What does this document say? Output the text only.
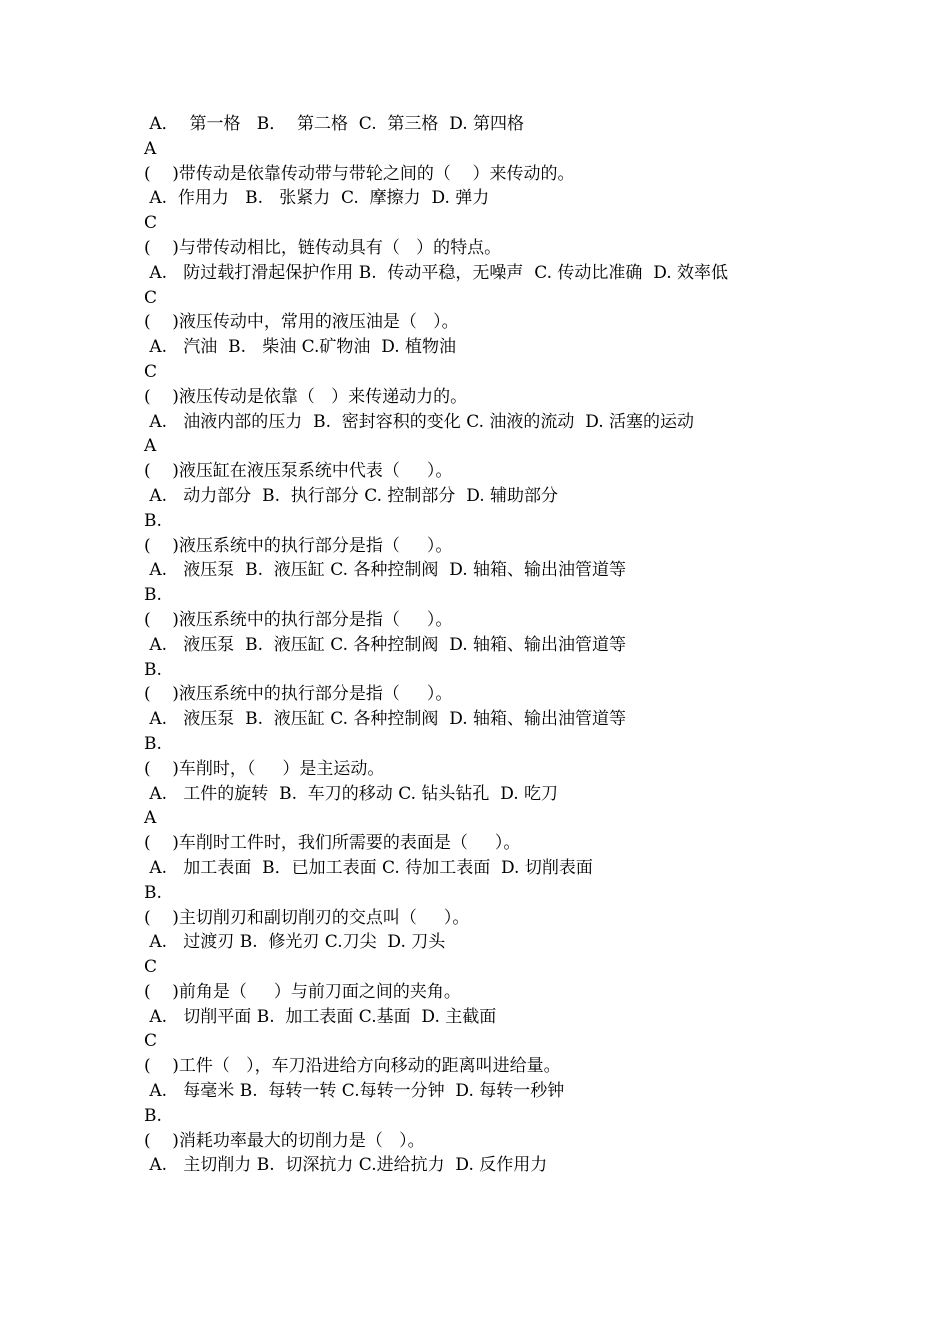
A．  第一格   B．  第二格  C.  第三格  D. 第四格
A
(    )带传动是依靠传动带与带轮之间的（    ）来传动的。
A.  作用力   B.   张紧力  C.  摩擦力  D. 弹力
C
(    )与带传动相比，链传动具有（   ）的特点。
A.   防过载打滑起保护作用 B.  传动平稳，无噪声  C. 传动比准确  D. 效率低
C
(    )液压传动中，常用的液压油是（   ）。
A.   汽油  B.   柴油 C.矿物油  D. 植物油
C
(    )液压传动是依靠（   ）来传递动力的。
A.   油液内部的压力  B.  密封容积的变化 C. 油液的流动  D. 活塞的运动
A
(    )液压缸在液压泵系统中代表（     ）。
A.   动力部分  B.  执行部分 C. 控制部分  D. 辅助部分
B.
(    )液压系统中的执行部分是指（     ）。
A.   液压泵  B.  液压缸 C. 各种控制阀  D. 轴箱、输出油管道等
B.
(    )液压系统中的执行部分是指（     ）。
A.   液压泵  B.  液压缸 C. 各种控制阀  D. 轴箱、输出油管道等
B.
(    )液压系统中的执行部分是指（     ）。
A.   液压泵  B.  液压缸 C. 各种控制阀  D. 轴箱、输出油管道等
B.
(    )车削时，（     ）是主运动。
A.   工件的旋转  B.  车刀的移动 C. 钻头钻孔  D. 吃刀
A
(    )车削时工件时，我们所需要的表面是（     ）。
A.   加工表面  B．已加工表面 C. 待加工表面  D. 切削表面
B.
(    )主切削刃和副切削刃的交点叫（     ）。
A.   过渡刃 B.  修光刃 C.刀尖  D. 刀头
C
(    )前角是（     ）与前刀面之间的夹角。
A.   切削平面 B.  加工表面 C.基面  D. 主截面
C
(    )工件（   ），车刀沿进给方向移动的距离叫进给量。
A.   每毫米 B.  每转一转 C.每转一分钟  D. 每转一秒钟
B.
(    )消耗功率最大的切削力是（   ）。
A.   主切削力 B.  切深抗力 C.进给抗力  D. 反作用力
